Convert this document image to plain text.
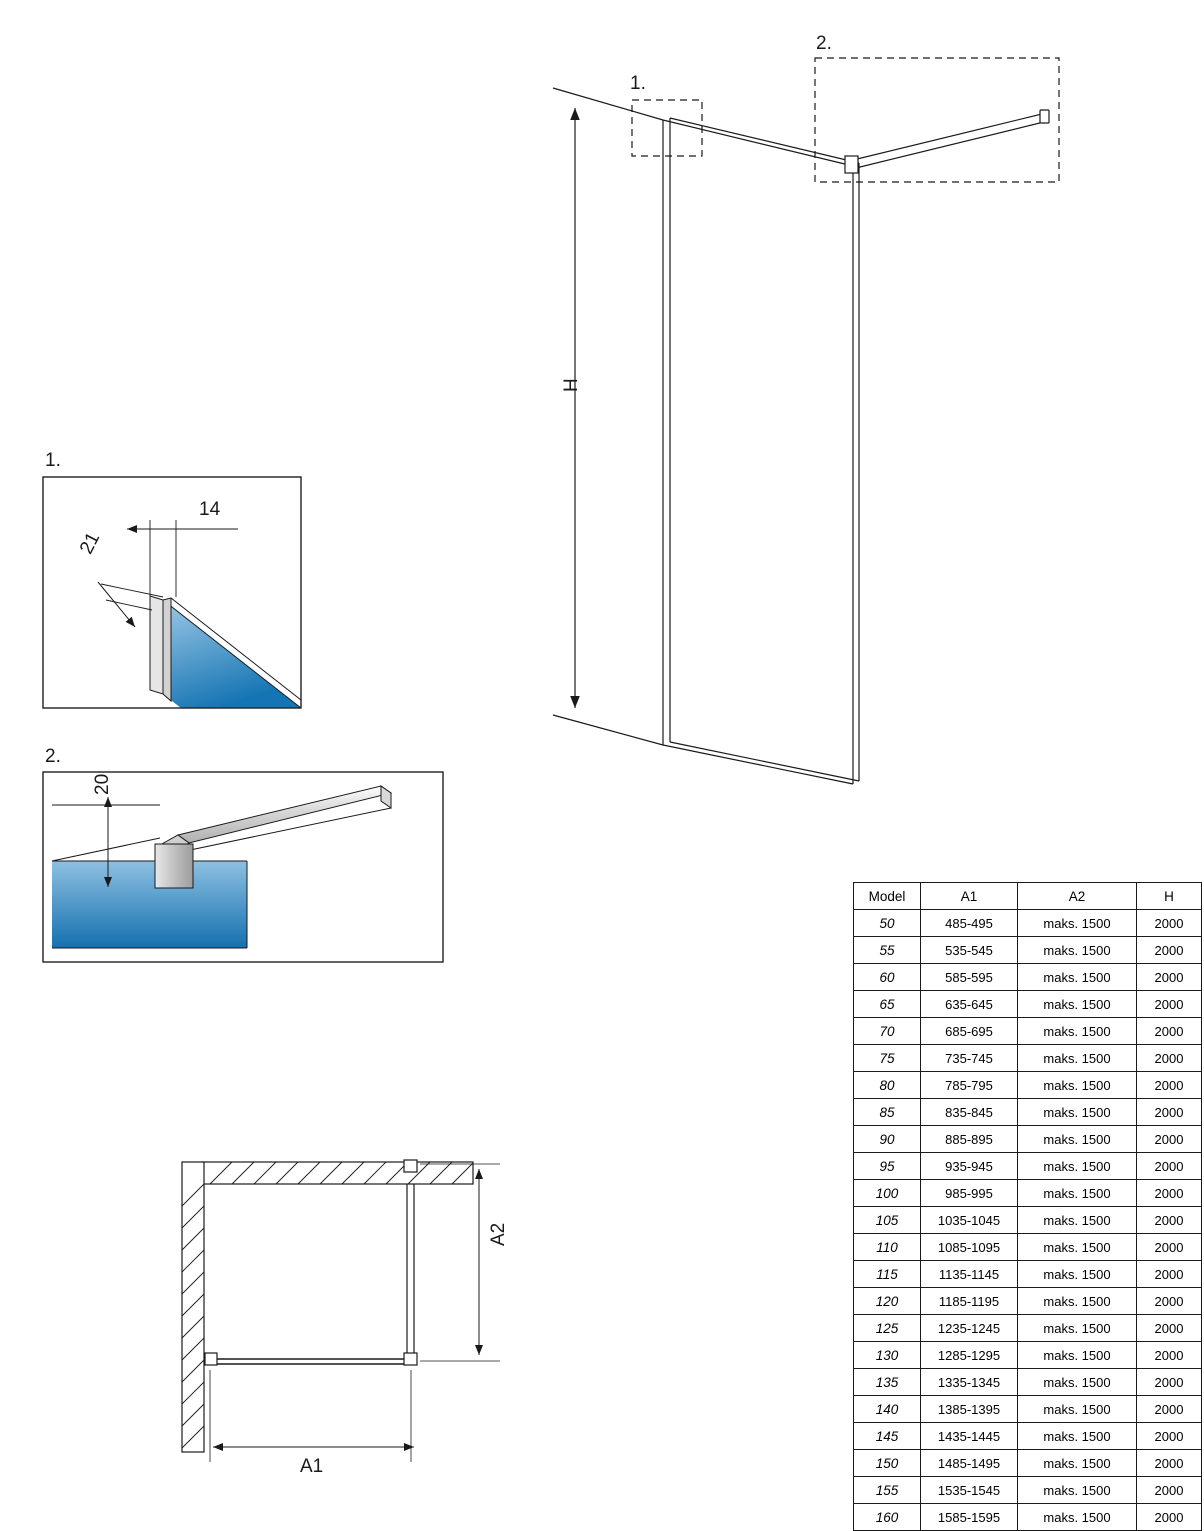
H
1.
2.
1.
14
21
2.
20
A1
A2
Model	A1	A2	H
50	485-495	maks. 1500	2000
55	535-545	maks. 1500	2000
60	585-595	maks. 1500	2000
65	635-645	maks. 1500	2000
70	685-695	maks. 1500	2000
75	735-745	maks. 1500	2000
80	785-795	maks. 1500	2000
85	835-845	maks. 1500	2000
90	885-895	maks. 1500	2000
95	935-945	maks. 1500	2000
100	985-995	maks. 1500	2000
105	1035-1045	maks. 1500	2000
110	1085-1095	maks. 1500	2000
115	1135-1145	maks. 1500	2000
120	1185-1195	maks. 1500	2000
125	1235-1245	maks. 1500	2000
130	1285-1295	maks. 1500	2000
135	1335-1345	maks. 1500	2000
140	1385-1395	maks. 1500	2000
145	1435-1445	maks. 1500	2000
150	1485-1495	maks. 1500	2000
155	1535-1545	maks. 1500	2000
160	1585-1595	maks. 1500	2000
